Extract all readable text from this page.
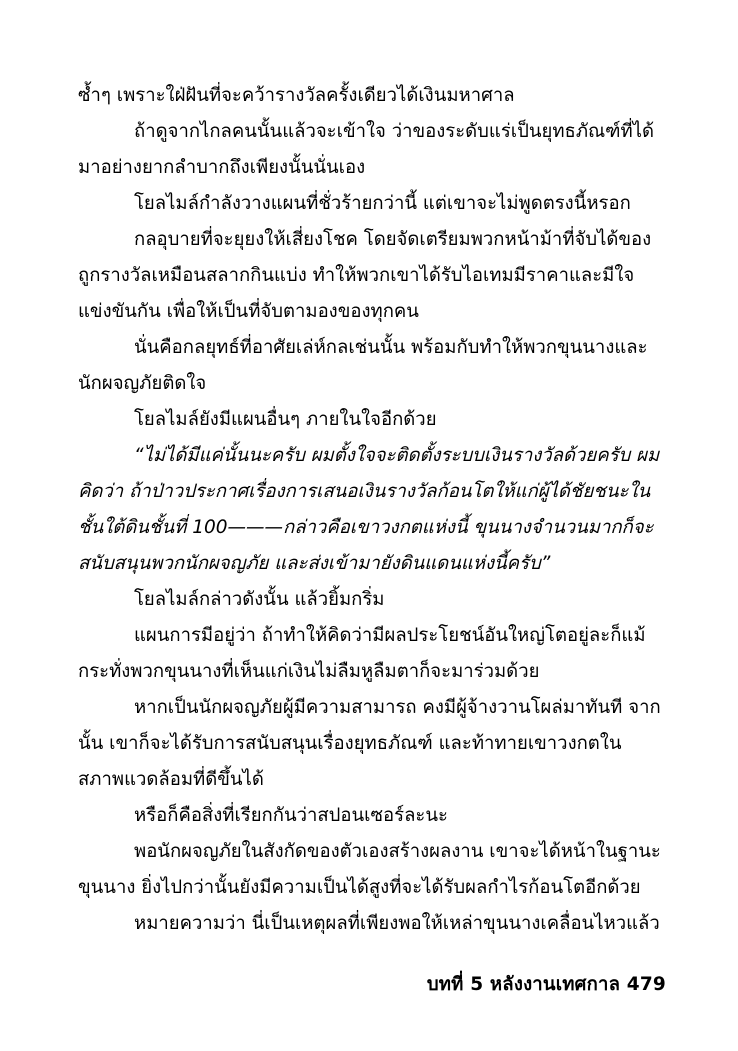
ซ้ำๆ เพราะใฝ่ฝันที่จะคว้ารางวัลครั้งเดียวได้เงินมหาศาล

ถ้าดูจากไกลคนนั้นแล้วจะเข้าใจ ว่าของระดับแร่เป็นยุทธภัณฑ์ที่ได้มาอย่างยากลำบากถึงเพียงนั้นนั่นเอง

โยลไมล์กำลังวางแผนที่ชั่วร้ายกว่านี้ แต่เขาจะไม่พูดตรงนี้หรอก

กลอุบายที่จะยุยงให้เสี่ยงโชค โดยจัดเตรียมพวกหน้าม้าที่จับได้ของถูกรางวัลเหมือนสลากกินแบ่ง ทำให้พวกเขาได้รับไอเทมมีราคาและมีใจแข่งขันกัน เพื่อให้เป็นที่จับตามองของทุกคน

นั่นคือกลยุทธ์ที่อาศัยเล่ห์กลเช่นนั้น พร้อมกับทำให้พวกขุนนางและนักผจญภัยติดใจ

โยลไมล์ยังมีแผนอื่นๆ ภายในใจอีกด้วย

“ไม่ได้มีแค่นั้นนะครับ ผมตั้งใจจะติดตั้งระบบเงินรางวัลด้วยครับ ผมคิดว่า ถ้าป่าวประกาศเรื่องการเสนอเงินรางวัลก้อนโตให้แก่ผู้ได้ชัยชนะในชั้นใต้ดินชั้นที่ 100———กล่าวคือเขาวงกตแห่งนี้ ขุนนางจำนวนมากก็จะสนับสนุนพวกนักผจญภัย และส่งเข้ามายังดินแดนแห่งนี้ครับ”

โยลไมล์กล่าวดังนั้น แล้วยิ้มกริ่ม

แผนการมีอยู่ว่า ถ้าทำให้คิดว่ามีผลประโยชน์อันใหญ่โตอยู่ละก็แม้กระทั่งพวกขุนนางที่เห็นแก่เงินไม่ลืมหูลืมตาก็จะมาร่วมด้วย

หากเป็นนักผจญภัยผู้มีความสามารถ คงมีผู้จ้างวานโผล่มาทันที จากนั้น เขาก็จะได้รับการสนับสนุนเรื่องยุทธภัณฑ์ และท้าทายเขาวงกตในสภาพแวดล้อมที่ดีขึ้นได้

หรือก็คือสิ่งที่เรียกกันว่าสปอนเซอร์ละนะ

พอนักผจญภัยในสังกัดของตัวเองสร้างผลงาน เขาจะได้หน้าในฐานะขุนนาง ยิ่งไปกว่านั้นยังมีความเป็นได้สูงที่จะได้รับผลกำไรก้อนโตอีกด้วย

หมายความว่า นี่เป็นเหตุผลที่เพียงพอให้เหล่าขุนนางเคลื่อนไหวแล้ว

บทที่ 5 หลังงานเทศกาล 479
